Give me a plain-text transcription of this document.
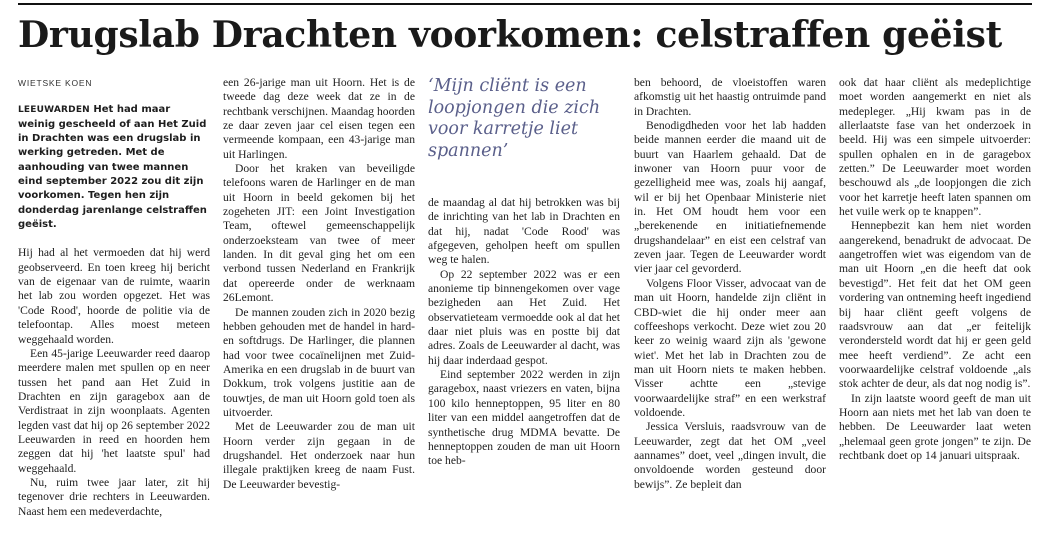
Drugslab Drachten voorkomen: celstraffen geëist

WIETSKE KOEN

LEEUWARDEN Het had maar weinig gescheeld of aan Het Zuid in Drachten was een drugslab in werking getreden. Met de aanhouding van twee mannen eind september 2022 zou dit zijn voorkomen. Tegen hen zijn donderdag jarenlange celstraffen geëist.

Hij had al het vermoeden dat hij werd geobserveerd. En toen kreeg hij bericht van de eigenaar van de ruimte, waarin het lab zou worden opgezet. Het was 'Code Rood', hoorde de politie via de telefoontap. Alles moest meteen weggehaald worden.

Een 45-jarige Leeuwarder reed daarop meerdere malen met spullen op en neer tussen het pand aan Het Zuid in Drachten en zijn garagebox aan de Verdistraat in zijn woonplaats. Agenten legden vast dat hij op 26 september 2022 Leeuwarden in reed en hoorden hem zeggen dat hij 'het laatste spul' had weggehaald.

Nu, ruim twee jaar later, zit hij tegenover drie rechters in Leeuwarden. Naast hem een medeverdachte,

een 26-jarige man uit Hoorn. Het is de tweede dag deze week dat ze in de rechtbank verschijnen. Maandag hoorden ze daar zeven jaar cel eisen tegen een vermeende kompaan, een 43-jarige man uit Harlingen.

Door het kraken van beveiligde telefoons waren de Harlinger en de man uit Hoorn in beeld gekomen bij het zogeheten JIT: een Joint Investigation Team, oftewel gemeenschappelijk onderzoeksteam van twee of meer landen. In dit geval ging het om een verbond tussen Nederland en Frankrijk dat opereerde onder de werknaam 26Lemont.

De mannen zouden zich in 2020 bezig hebben gehouden met de handel in hard- en softdrugs. De Harlinger, die plannen had voor twee cocaïnelijnen met Zuid-Amerika en een drugslab in de buurt van Dokkum, trok volgens justitie aan de touwtjes, de man uit Hoorn gold toen als uitvoerder.

Met de Leeuwarder zou de man uit Hoorn verder zijn gegaan in de drugshandel. Het onderzoek naar hun illegale praktijken kreeg de naam Fust. De Leeuwarder bevestig-

‘Mijn cliënt is een loopjongen die zich voor karretje liet spannen’

de maandag al dat hij betrokken was bij de inrichting van het lab in Drachten en dat hij, nadat 'Code Rood' was afgegeven, geholpen heeft om spullen weg te halen.

Op 22 september 2022 was er een anonieme tip binnengekomen over vage bezigheden aan Het Zuid. Het observatieteam vermoedde ook al dat het daar niet pluis was en postte bij dat adres. Zoals de Leeuwarder al dacht, was hij daar inderdaad gespot.

Eind september 2022 werden in zijn garagebox, naast vriezers en vaten, bijna 100 kilo henneptoppen, 95 liter en 80 liter van een middel aangetroffen dat de synthetische drug MDMA bevatte. De henneptoppen zouden de man uit Hoorn toe heb-

ben behoord, de vloeistoffen waren afkomstig uit het haastig ontruimde pand in Drachten.

Benodigdheden voor het lab hadden beide mannen eerder die maand uit de buurt van Haarlem gehaald. Dat de inwoner van Hoorn puur voor de gezelligheid mee was, zoals hij aangaf, wil er bij het Openbaar Ministerie niet in. Het OM houdt hem voor een „berekenende en initiatiefnemende drugshandelaar” en eist een celstraf van zeven jaar. Tegen de Leeuwarder wordt vier jaar cel gevorderd.

Volgens Floor Visser, advocaat van de man uit Hoorn, handelde zijn cliënt in CBD-wiet die hij onder meer aan coffeeshops verkocht. Deze wiet zou 20 keer zo weinig waard zijn als 'gewone wiet'. Met het lab in Drachten zou de man uit Hoorn niets te maken hebben. Visser achtte een „stevige voorwaardelijke straf” en een werkstraf voldoende.

Jessica Versluis, raadsvrouw van de Leeuwarder, zegt dat het OM „veel aannames” doet, veel „dingen invult, die onvoldoende worden gesteund door bewijs”. Ze bepleit dan

ook dat haar cliënt als medeplichtige moet worden aangemerkt en niet als medepleger. „Hij kwam pas in de allerlaatste fase van het onderzoek in beeld. Hij was een simpele uitvoerder: spullen ophalen en in de garagebox zetten.” De Leeuwarder moet worden beschouwd als „de loopjongen die zich voor het karretje heeft laten spannen om het vuile werk op te knappen”.

Hennepbezit kan hem niet worden aangerekend, benadrukt de advocaat. De aangetroffen wiet was eigendom van de man uit Hoorn „en die heeft dat ook bevestigd”. Het feit dat het OM geen vordering van ontneming heeft ingediend bij haar cliënt geeft volgens de raadsvrouw aan dat „er feitelijk verondersteld wordt dat hij er geen geld mee heeft verdiend”. Ze acht een voorwaardelijke celstraf voldoende „als stok achter de deur, als dat nog nodig is”.

In zijn laatste woord geeft de man uit Hoorn aan niets met het lab van doen te hebben. De Leeuwarder laat weten „helemaal geen grote jongen” te zijn. De rechtbank doet op 14 januari uitspraak.
